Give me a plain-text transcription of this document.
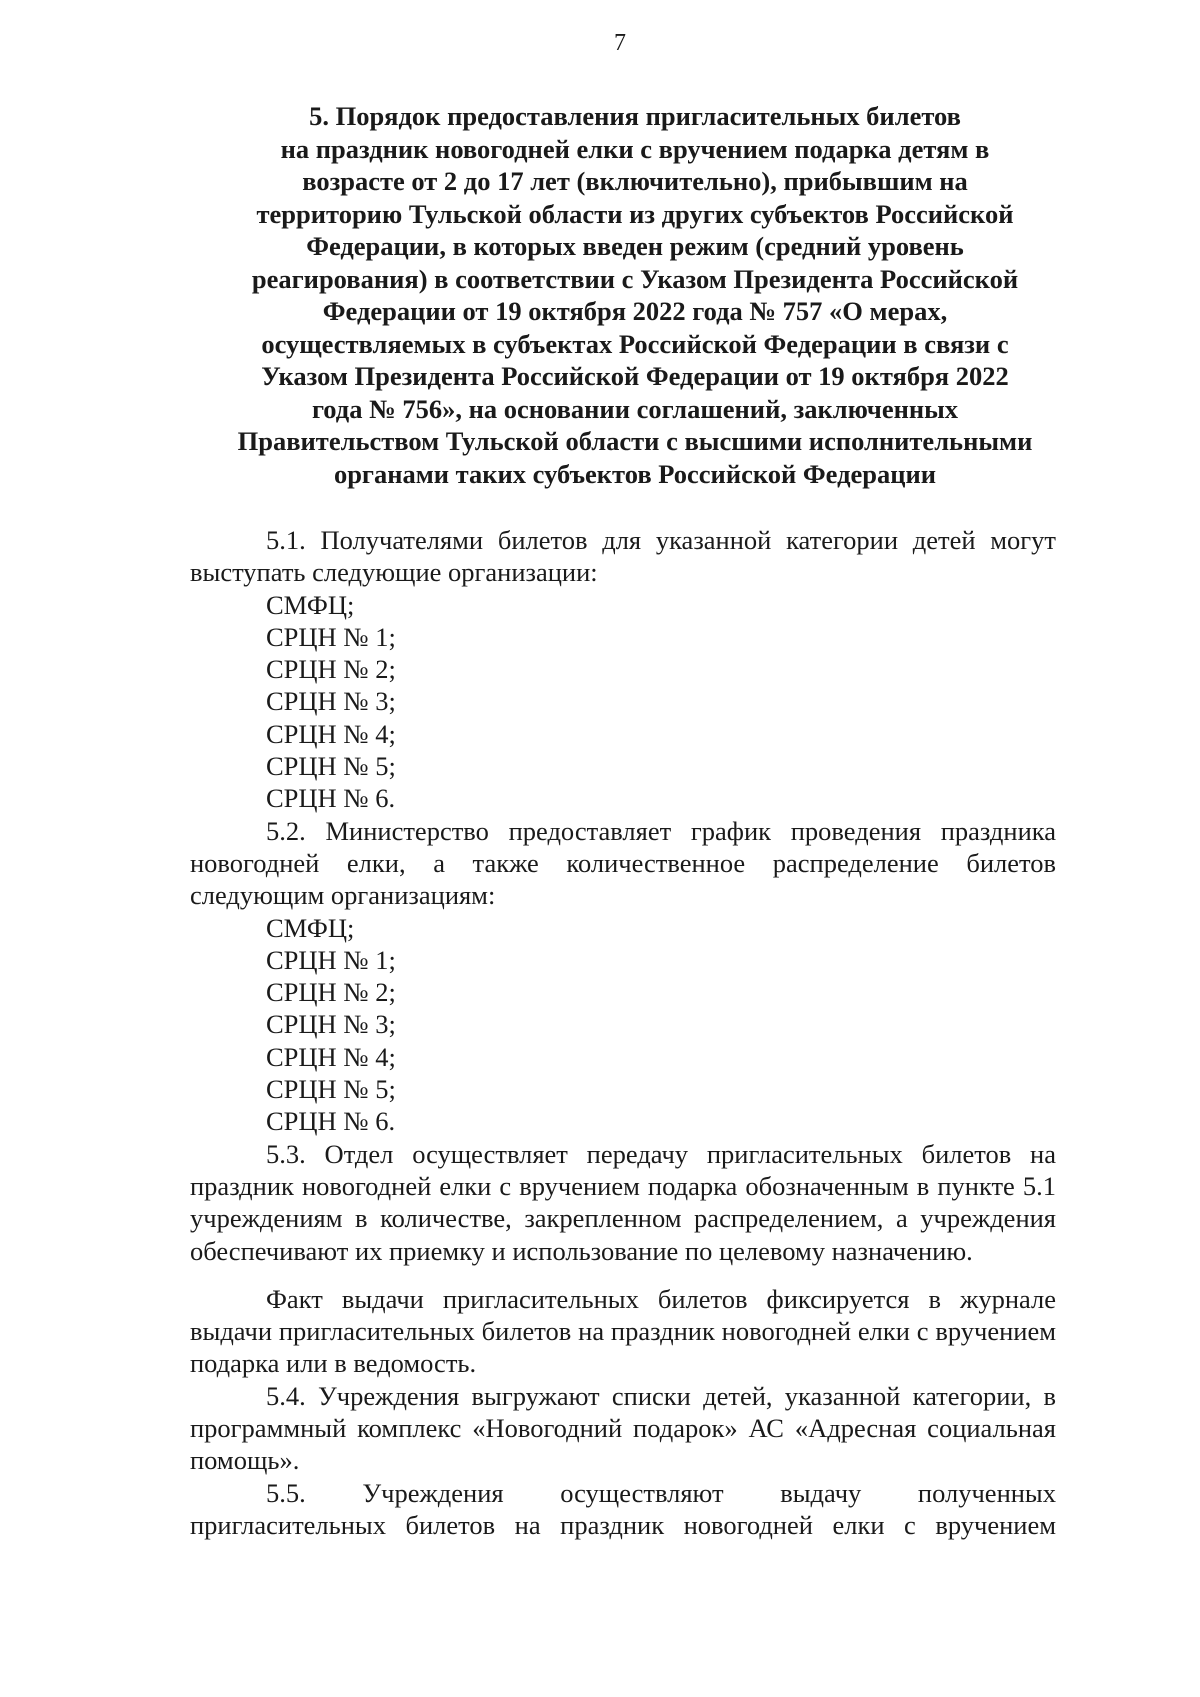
7
5. Порядок предоставления пригласительных билетов
на праздник новогодней елки с вручением подарка детям в
возрасте от 2 до 17 лет (включительно), прибывшим на
территорию Тульской области из других субъектов Российской
Федерации, в которых введен режим (средний уровень
реагирования) в соответствии с Указом Президента Российской
Федерации от 19 октября 2022 года № 757 «О мерах,
осуществляемых в субъектах Российской Федерации в связи с
Указом Президента Российской Федерации от 19 октября 2022
года № 756», на основании соглашений, заключенных
Правительством Тульской области с высшими исполнительными
органами таких субъектов Российской Федерации

5.1. Получателями билетов для указанной категории детей могут выступать следующие организации:

СМФЦ;

СРЦН № 1;

СРЦН № 2;

СРЦН № 3;

СРЦН № 4;

СРЦН № 5;

СРЦН № 6.

5.2. Министерство предоставляет график проведения праздника новогодней елки, а также количественное распределение билетов следующим организациям:

СМФЦ;

СРЦН № 1;

СРЦН № 2;

СРЦН № 3;

СРЦН № 4;

СРЦН № 5;

СРЦН № 6.

5.3. Отдел осуществляет передачу пригласительных билетов на праздник новогодней елки с вручением подарка обозначенным в пункте 5.1 учреждениям в количестве, закрепленном распределением, а учреждения обеспечивают их приемку и использование по целевому назначению.

Факт выдачи пригласительных билетов фиксируется в журнале выдачи пригласительных билетов на праздник новогодней елки с вручением подарка или в ведомость.

5.4. Учреждения выгружают списки детей, указанной категории, в программный комплекс «Новогодний подарок» АС «Адресная социальная помощь».

5.5. Учреждения осуществляют выдачу полученных

пригласительных билетов на праздник новогодней елки с вручением
